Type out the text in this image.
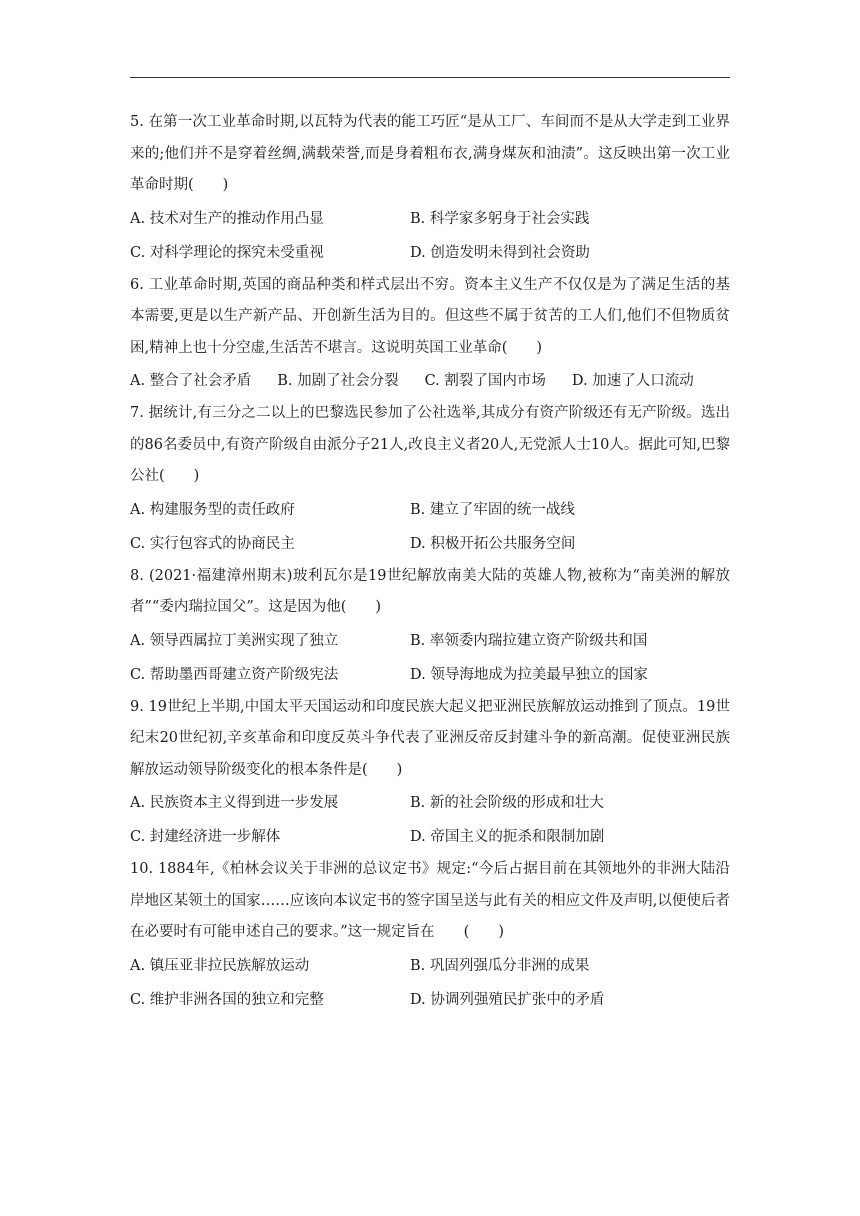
5. 在第一次工业革命时期,以瓦特为代表的能工巧匠“是从工厂、车间而不是从大学走到工业界来的;他们并不是穿着丝绸,满载荣誉,而是身着粗布衣,满身煤灰和油渍”。这反映出第一次工业革命时期(　　)

A. 技术对生产的推动作用凸显	B. 科学家多躬身于社会实践
C. 对科学理论的探究未受重视	D. 创造发明未得到社会资助

6. 工业革命时期,英国的商品种类和样式层出不穷。资本主义生产不仅仅是为了满足生活的基本需要,更是以生产新产品、开创新生活为目的。但这些不属于贫苦的工人们,他们不但物质贫困,精神上也十分空虚,生活苦不堪言。这说明英国工业革命(　　)

A. 整合了社会矛盾 B. 加剧了社会分裂 C. 割裂了国内市场 D. 加速了人口流动

7. 据统计,有三分之二以上的巴黎选民参加了公社选举,其成分有资产阶级还有无产阶级。选出的86名委员中,有资产阶级自由派分子21人,改良主义者20人,无党派人士10人。据此可知,巴黎公社(　　)

A. 构建服务型的责任政府	B. 建立了牢固的统一战线
C. 实行包容式的协商民主	D. 积极开拓公共服务空间

8. (2021·福建漳州期末)玻利瓦尔是19世纪解放南美大陆的英雄人物,被称为“南美洲的解放者”“委内瑞拉国父”。这是因为他(　　)

A. 领导西属拉丁美洲实现了独立	B. 率领委内瑞拉建立资产阶级共和国
C. 帮助墨西哥建立资产阶级宪法	D. 领导海地成为拉美最早独立的国家

9. 19世纪上半期,中国太平天国运动和印度民族大起义把亚洲民族解放运动推到了顶点。19世纪末20世纪初,辛亥革命和印度反英斗争代表了亚洲反帝反封建斗争的新高潮。促使亚洲民族解放运动领导阶级变化的根本条件是(　　)

A. 民族资本主义得到进一步发展	B. 新的社会阶级的形成和壮大
C. 封建经济进一步解体	D. 帝国主义的扼杀和限制加剧

10. 1884年,《柏林会议关于非洲的总议定书》规定:“今后占据目前在其领地外的非洲大陆沿岸地区某领土的国家……应该向本议定书的签字国呈送与此有关的相应文件及声明,以便使后者在必要时有可能申述自己的要求。”这一规定旨在　　(　　)

A. 镇压亚非拉民族解放运动	B. 巩固列强瓜分非洲的成果
C. 维护非洲各国的独立和完整	D. 协调列强殖民扩张中的矛盾
